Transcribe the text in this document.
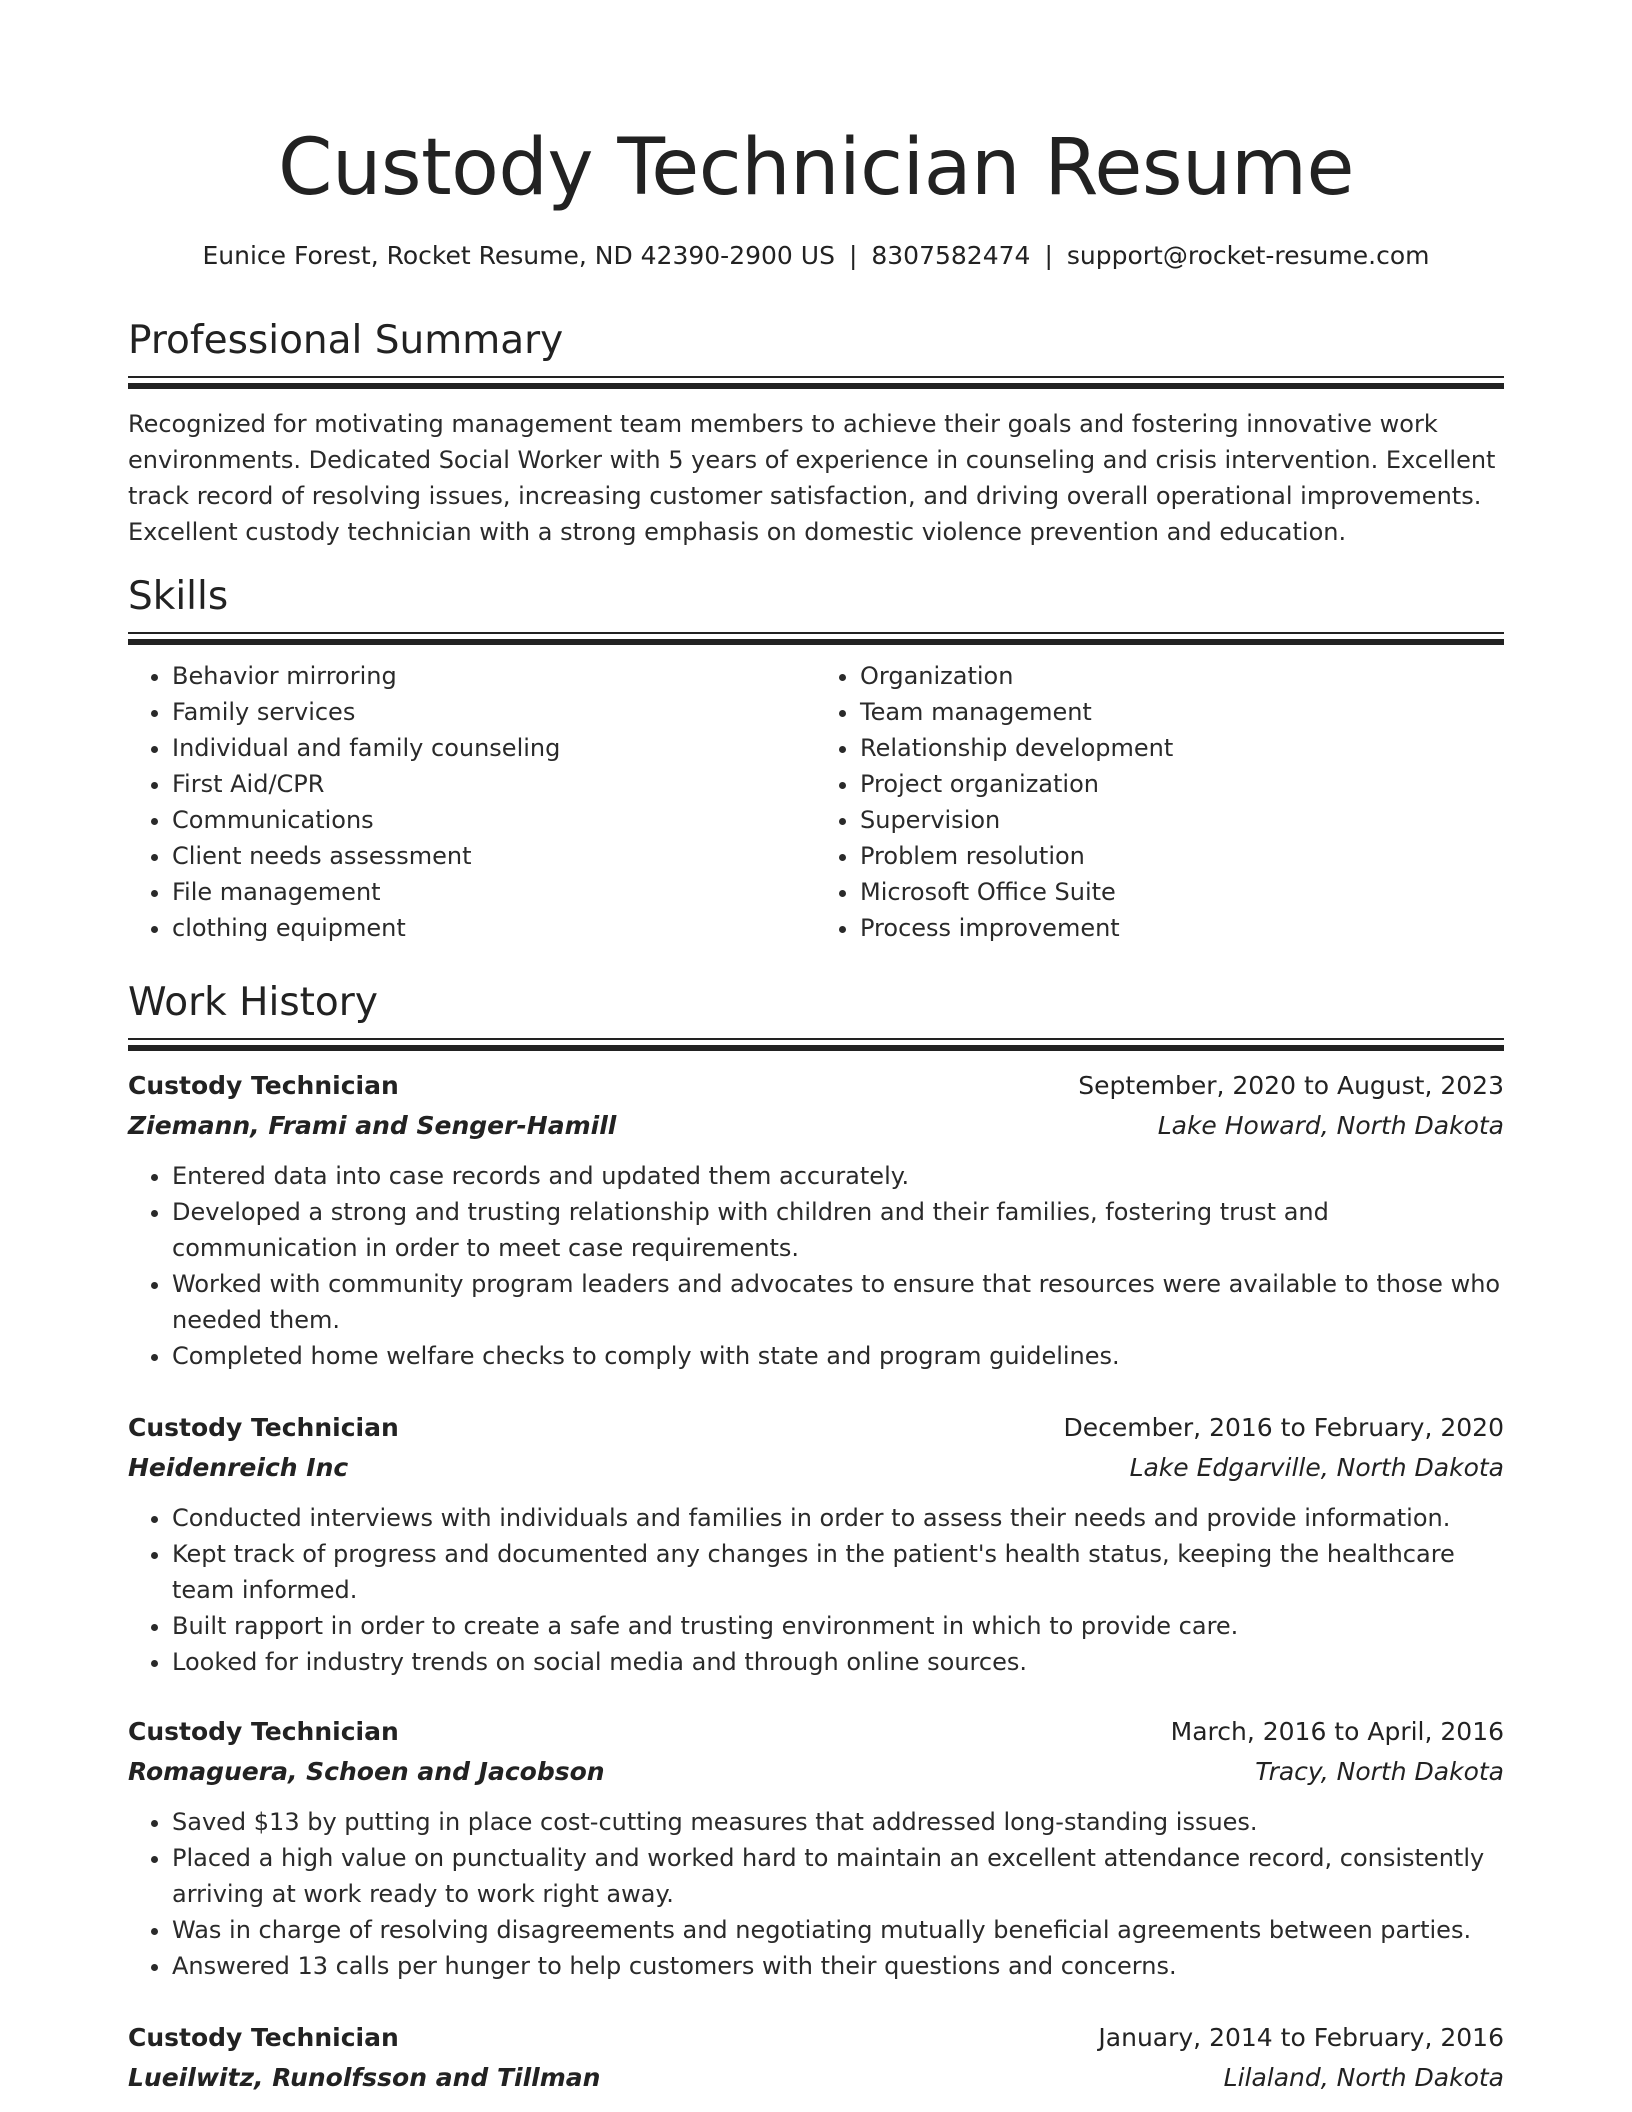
Custody Technician Resume
Eunice Forest, Rocket Resume, ND 42390-2900 US | 8307582474 | support@rocket-resume.com
Professional Summary

Recognized for motivating management team members to achieve their goals and fostering innovative work environments. Dedicated Social Worker with 5 years of experience in counseling and crisis intervention. Excellent track record of resolving issues, increasing customer satisfaction, and driving overall operational improvements. Excellent custody technician with a strong emphasis on domestic violence prevention and education.

Skills
• Behavior mirroring
• Family services
• Individual and family counseling
• First Aid/CPR
• Communications
• Client needs assessment
• File management
• clothing equipment
• Organization
• Team management
• Relationship development
• Project organization
• Supervision
• Problem resolution
• Microsoft Office Suite
• Process improvement
Work History
Custody Technician	September, 2020 to August, 2023
Ziemann, Frami and Senger-Hamill	Lake Howard, North Dakota
• Entered data into case records and updated them accurately.
• Developed a strong and trusting relationship with children and their families, fostering trust and communication in order to meet case requirements.
• Worked with community program leaders and advocates to ensure that resources were available to those who needed them.
• Completed home welfare checks to comply with state and program guidelines.
Custody Technician	December, 2016 to February, 2020
Heidenreich Inc	Lake Edgarville, North Dakota
• Conducted interviews with individuals and families in order to assess their needs and provide information.
• Kept track of progress and documented any changes in the patient's health status, keeping the healthcare team informed.
• Built rapport in order to create a safe and trusting environment in which to provide care.
• Looked for industry trends on social media and through online sources.
Custody Technician	March, 2016 to April, 2016
Romaguera, Schoen and Jacobson	Tracy, North Dakota
• Saved $13 by putting in place cost-cutting measures that addressed long-standing issues.
• Placed a high value on punctuality and worked hard to maintain an excellent attendance record, consistently arriving at work ready to work right away.
• Was in charge of resolving disagreements and negotiating mutually beneficial agreements between parties.
• Answered 13 calls per hunger to help customers with their questions and concerns.
Custody Technician	January, 2014 to February, 2016
Lueilwitz, Runolfsson and Tillman	Lilaland, North Dakota
